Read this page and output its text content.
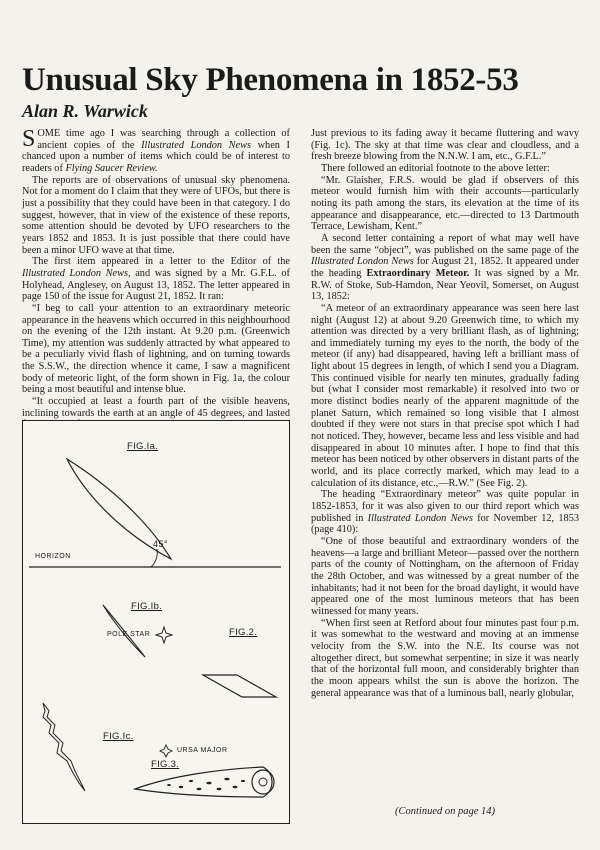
Unusual Sky Phenomena in 1852-53
Alan R. Warwick

SOME time ago I was searching through a collection of ancient copies of the Illustrated London News when I chanced upon a number of items which could be of interest to readers of Flying Saucer Review.

The reports are of observations of unusual sky phenomena. Not for a moment do I claim that they were of UFOs, but there is just a possibility that they could have been in that category. I do suggest, however, that in view of the existence of these reports, some attention should be devoted by UFO researchers to the years 1852 and 1853. It is just possible that there could have been a minor UFO wave at that time.

The first item appeared in a letter to the Editor of the Illustrated London News, and was signed by a Mr. G.F.L. of Holyhead, Anglesey, on August 13, 1852. The letter appeared in page 150 of the issue for August 21, 1852. It ran:

“I beg to call your attention to an extraordinary meteoric appearance in the heavens which occurred in this neighbourhood on the evening of the 12th instant. At 9.20 p.m. (Greenwich Time), my attention was suddenly attracted by what appeared to be a peculiarly vivid flash of lightning, and on turning towards the S.S.W., the direction whence it came, I saw a magnificent body of meteoric light, of the form shown in Fig. 1a, the colour being a most beautiful and intense blue.

“It occupied at least a fourth part of the visible heavens, inclining towards the earth at an angle of 45 degrees, and lasted

FIG.Ia.
HORIZON
45°
FIG.Ib.
POLE STAR	FIG.2.
FIG.Ic.
URSA MAJOR
FIG.3.

Just previous to its fading away it became fluttering and wavy (Fig. 1c). The sky at that time was clear and cloudless, and a fresh breeze blowing from the N.N.W. I am, etc., G.F.L.”

There followed an editorial footnote to the above letter:

“Mr. Glaisher, F.R.S. would be glad if observers of this meteor would furnish him with their accounts—particularly noting its path among the stars, its elevation at the time of its appearance and disappearance, etc.—directed to 13 Dartmouth Terrace, Lewisham, Kent.”

A second letter containing a report of what may well have been the same “object”, was published on the same page of the Illustrated London News for August 21, 1852. It appeared under the heading Extraordinary Meteor. It was signed by a Mr. R.W. of Stoke, Sub-Hamdon, Near Yeovil, Somerset, on August 13, 1852:

“A meteor of an extraordinary appearance was seen here last night (August 12) at about 9.20 Greenwich time, to which my attention was directed by a very brilliant flash, as of lightning; and immediately turning my eyes to the north, the body of the meteor (if any) had disappeared, having left a brilliant mass of light about 15 degrees in length, of which I send you a Diagram. This continued visible for nearly ten minutes, gradually fading but (what I consider most remarkable) it resolved into two or more distinct bodies nearly of the apparent magnitude of the planet Saturn, which remained so long visible that I almost doubted if they were not stars in that precise spot which I had not noticed. They, however, became less and less visible and had disappeared in about 10 minutes after. I hope to find that this meteor has been noticed by other observers in distant parts of the world, and its place correctly marked, which may lead to a calculation of its distance, etc.,—R.W.” (See Fig. 2).

The heading “Extraordinary meteor” was quite popular in 1852-1853, for it was also given to our third report which was published in Illustrated London News for November 12, 1853 (page 410):

“One of those beautiful and extraordinary wonders of the heavens—a large and brilliant Meteor—passed over the northern parts of the county of Nottingham, on the afternoon of Friday the 28th October, and was witnessed by a great number of the inhabitants; had it not been for the broad daylight, it would have appeared one of the most luminous meteors that has been witnessed for many years.

“When first seen at Retford about four minutes past four p.m. it was somewhat to the westward and moving at an immense velocity from the S.W. into the N.E. Its course was not altogether direct, but somewhat serpentine; in size it was nearly that of the horizontal full moon, and considerably brighter than the moon appears whilst the sun is above the horizon. The general appearance was that of a luminous ball, nearly globular,

(Continued on page 14)
